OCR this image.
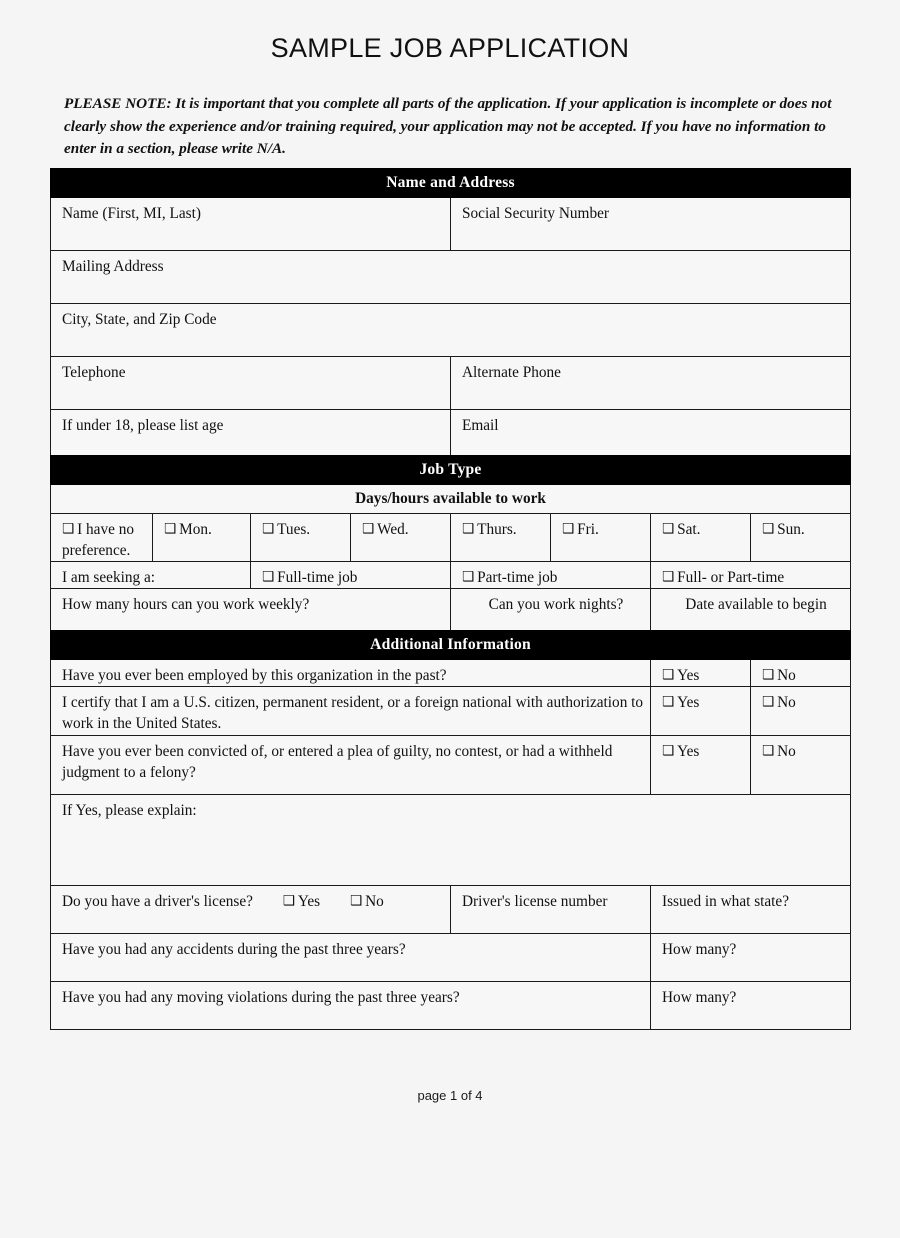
SAMPLE JOB APPLICATION
PLEASE NOTE: It is important that you complete all parts of the application. If your application is incomplete or does not clearly show the experience and/or training required, your application may not be accepted. If you have no information to enter in a section, please write N/A.
Name and Address	
Name (First, MI, Last)	Social Security Number
Mailing Address	
City, State, and Zip Code	
Telephone	Alternate Phone
If under 18, please list age	Email
Job Type							
Days/hours available to work							
❑ I have no preference.	❑ Mon.	❑ Tues.	❑ Wed.	❑ Thurs.	❑ Fri.	❑ Sat.	❑ Sun.
I am seeking a:		❑ Full-time job		❑ Part-time job		❑ Full- or Part-time	
How many hours can you work weekly?				Can you work nights?		Date available to begin	
Additional Information			
Have you ever been employed by this organization in the past?		❑ Yes	❑ No
I certify that I am a U.S. citizen, permanent resident, or a foreign national with authorization to work in the United States.		❑ Yes	❑ No
Have you ever been convicted of, or entered a plea of guilty, no contest, or had a withheld judgment to a felony?		❑ Yes	❑ No
If Yes, please explain:			
Do you have a driver's license? ❑ Yes ❑ No	Driver's license number	Issued in what state?	
Have you had any accidents during the past three years?		How many?	
Have you had any moving violations during the past three years?		How many?	
page 1 of 4
